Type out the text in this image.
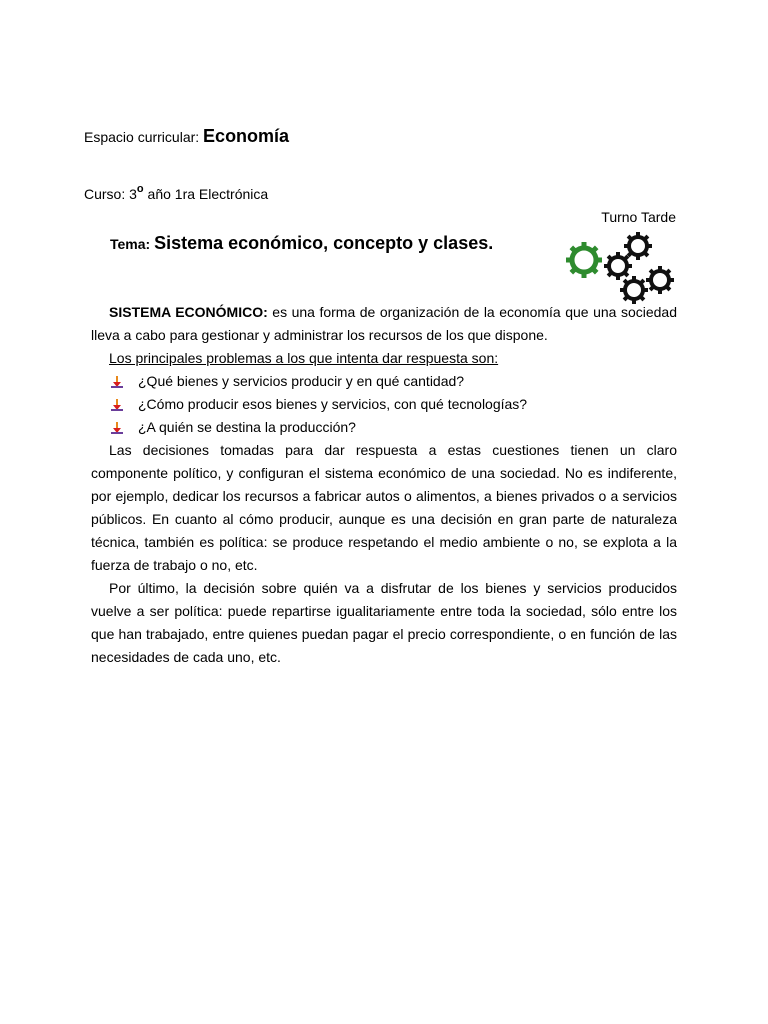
Espacio curricular: Economía
Curso: 3$^o$ año 1ra Electrónica
Turno Tarde
Tema: Sistema económico, concepto y clases.

SISTEMA ECONÓMICO: es una forma de organización de la economía que una sociedad lleva a cabo para gestionar y administrar los recursos de los que dispone.

Los principales problemas a los que intenta dar respuesta son:

¿Qué bienes y servicios producir y en qué cantidad?
¿Cómo producir esos bienes y servicios, con qué tecnologías?
¿A quién se destina la producción?

Las decisiones tomadas para dar respuesta a estas cuestiones tienen un claro componente político, y configuran el sistema económico de una sociedad. No es indiferente, por ejemplo, dedicar los recursos a fabricar autos o alimentos, a bienes privados o a servicios públicos. En cuanto al cómo producir, aunque es una decisión en gran parte de naturaleza técnica, también es política: se produce respetando el medio ambiente o no, se explota a la fuerza de trabajo o no, etc.

Por último, la decisión sobre quién va a disfrutar de los bienes y servicios producidos vuelve a ser política: puede repartirse igualitariamente entre toda la sociedad, sólo entre los que han trabajado, entre quienes puedan pagar el precio correspondiente, o en función de las necesidades de cada uno, etc.
